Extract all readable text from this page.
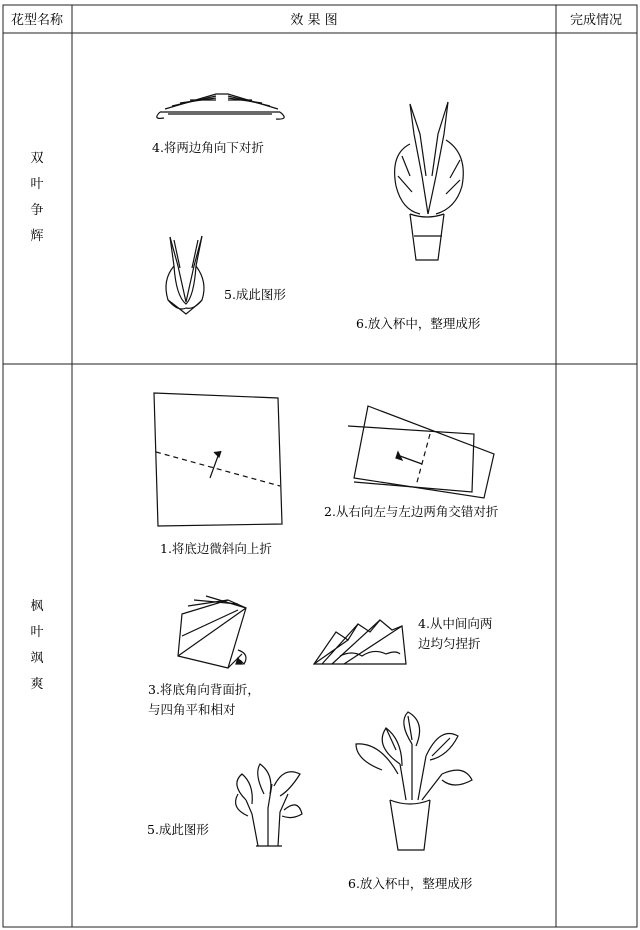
花型名称	效 果 图	完成情况
双
叶
争
辉
枫
叶
飒
爽
4.将两边角向下对折
5.成此图形
6.放入杯中，整理成形
1.将底边微斜向上折
2.从右向左与左边两角交错对折
3.将底角向背面折，
与四角平和相对
4.从中间向两
边均匀捏折
5.成此图形
6.放入杯中，整理成形
